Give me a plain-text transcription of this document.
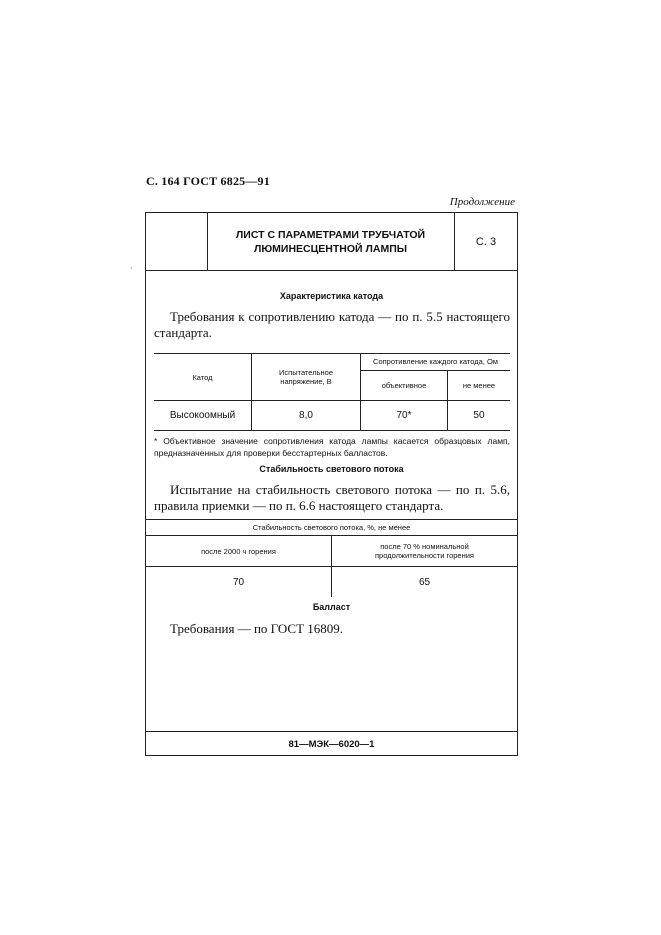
С. 164 ГОСТ 6825—91
Продолжение
ˋ
ЛИСТ С ПАРАМЕТРАМИ ТРУБЧАТОЙ ЛЮМИНЕСЦЕНТНОЙ ЛАМПЫ
С. 3
Характеристика катода
Требования к сопротивлению катода — по п. 5.5 настоящего стандарта.
Катод	Испытательное напряжение, В	Сопротивление каждого катода, Ом	
		объективное	не менее
Высокоомный	8,0	70*	50
* Объективное значение сопротивления катода лампы касается образцовых ламп, предназначенных для проверки бесстартерных балластов.
Стабильность светового потока
Испытание на стабильность светового потока — по п. 5.6, правила приемки — по п. 6.6 настоящего стандарта.
Стабильность светового потока, %, не менее	
после 2000 ч горения	после 70 % номинальной продолжительности горения
70	65
Балласт
Требования — по ГОСТ 16809.
81—МЭК—6020—1
